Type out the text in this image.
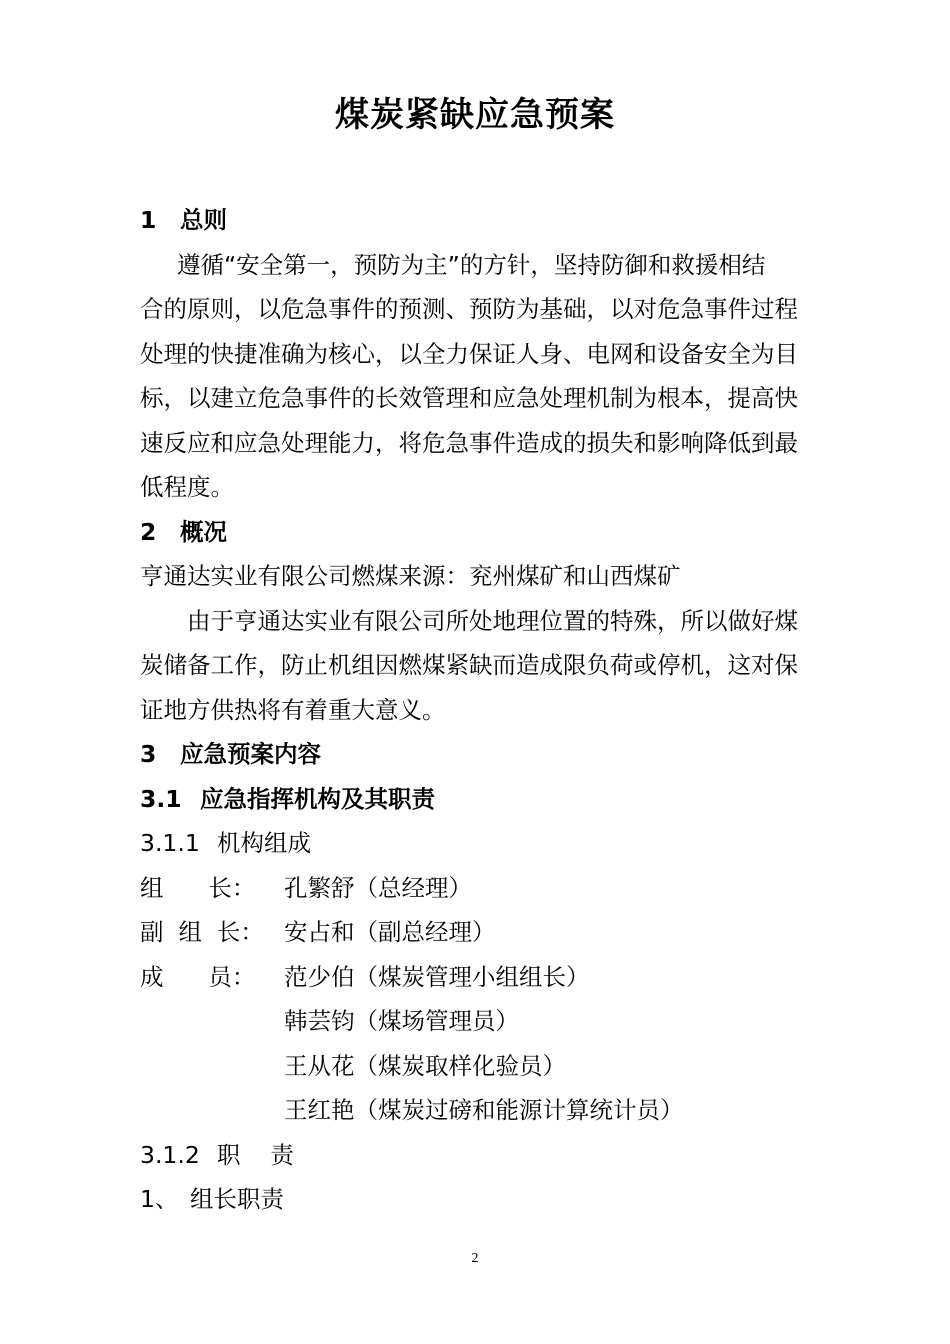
煤炭紧缺应急预案
1 总则
遵循“安全第一，预防为主”的方针，坚持防御和救援相结
合的原则，以危急事件的预测、预防为基础，以对危急事件过程
处理的快捷准确为核心，以全力保证人身、电网和设备安全为目
标，以建立危急事件的长效管理和应急处理机制为根本，提高快
速反应和应急处理能力，将危急事件造成的损失和影响降低到最
低程度。
2 概况
亨通达实业有限公司燃煤来源：兖州煤矿和山西煤矿
由于亨通达实业有限公司所处地理位置的特殊，所以做好煤
炭储备工作，防止机组因燃煤紧缺而造成限负荷或停机，这对保
证地方供热将有着重大意义。
3 应急预案内容
3.1 应急指挥机构及其职责
3.1.1 机构组成
组      长： 孔繁舒（总经理）
副  组  长： 安占和（副总经理）
成      员： 范少伯（煤炭管理小组组长）
韩芸钧（煤场管理员）
王从花（煤炭取样化验员）
王红艳（煤炭过磅和能源计算统计员）
3.1.2 职    责
1、 组长职责
2
